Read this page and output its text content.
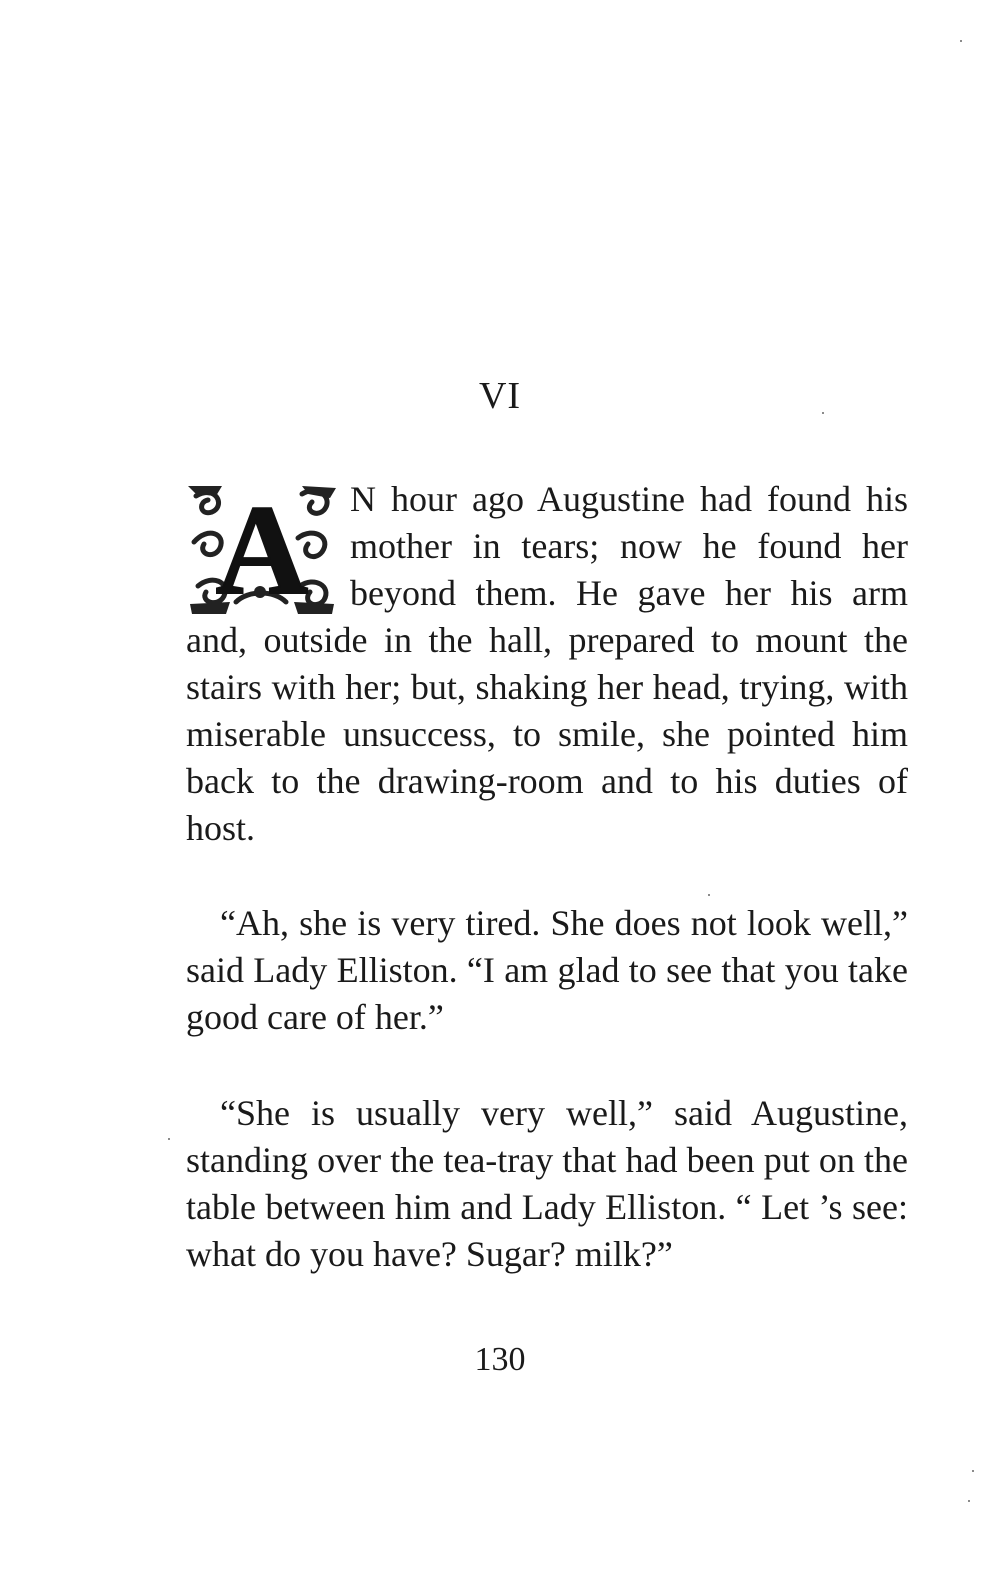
VI
A	N hour ago Augustine had found his mother in tears; now he found her beyond them. He gave her his arm and, outside in the hall, prepared to mount the stairs with her; but, shaking her head, trying, with miserable unsuccess, to smile, she pointed him back to the drawing-room and to his duties of host.

“Ah, she is very tired. She does not look well,” said Lady Elliston. “I am glad to see that you take good care of her.”

“She is usually very well,” said Augustine, standing over the tea-tray that had been put on the table between him and Lady Elliston. “ Let ’s see: what do you have? Sugar? milk?”

130
